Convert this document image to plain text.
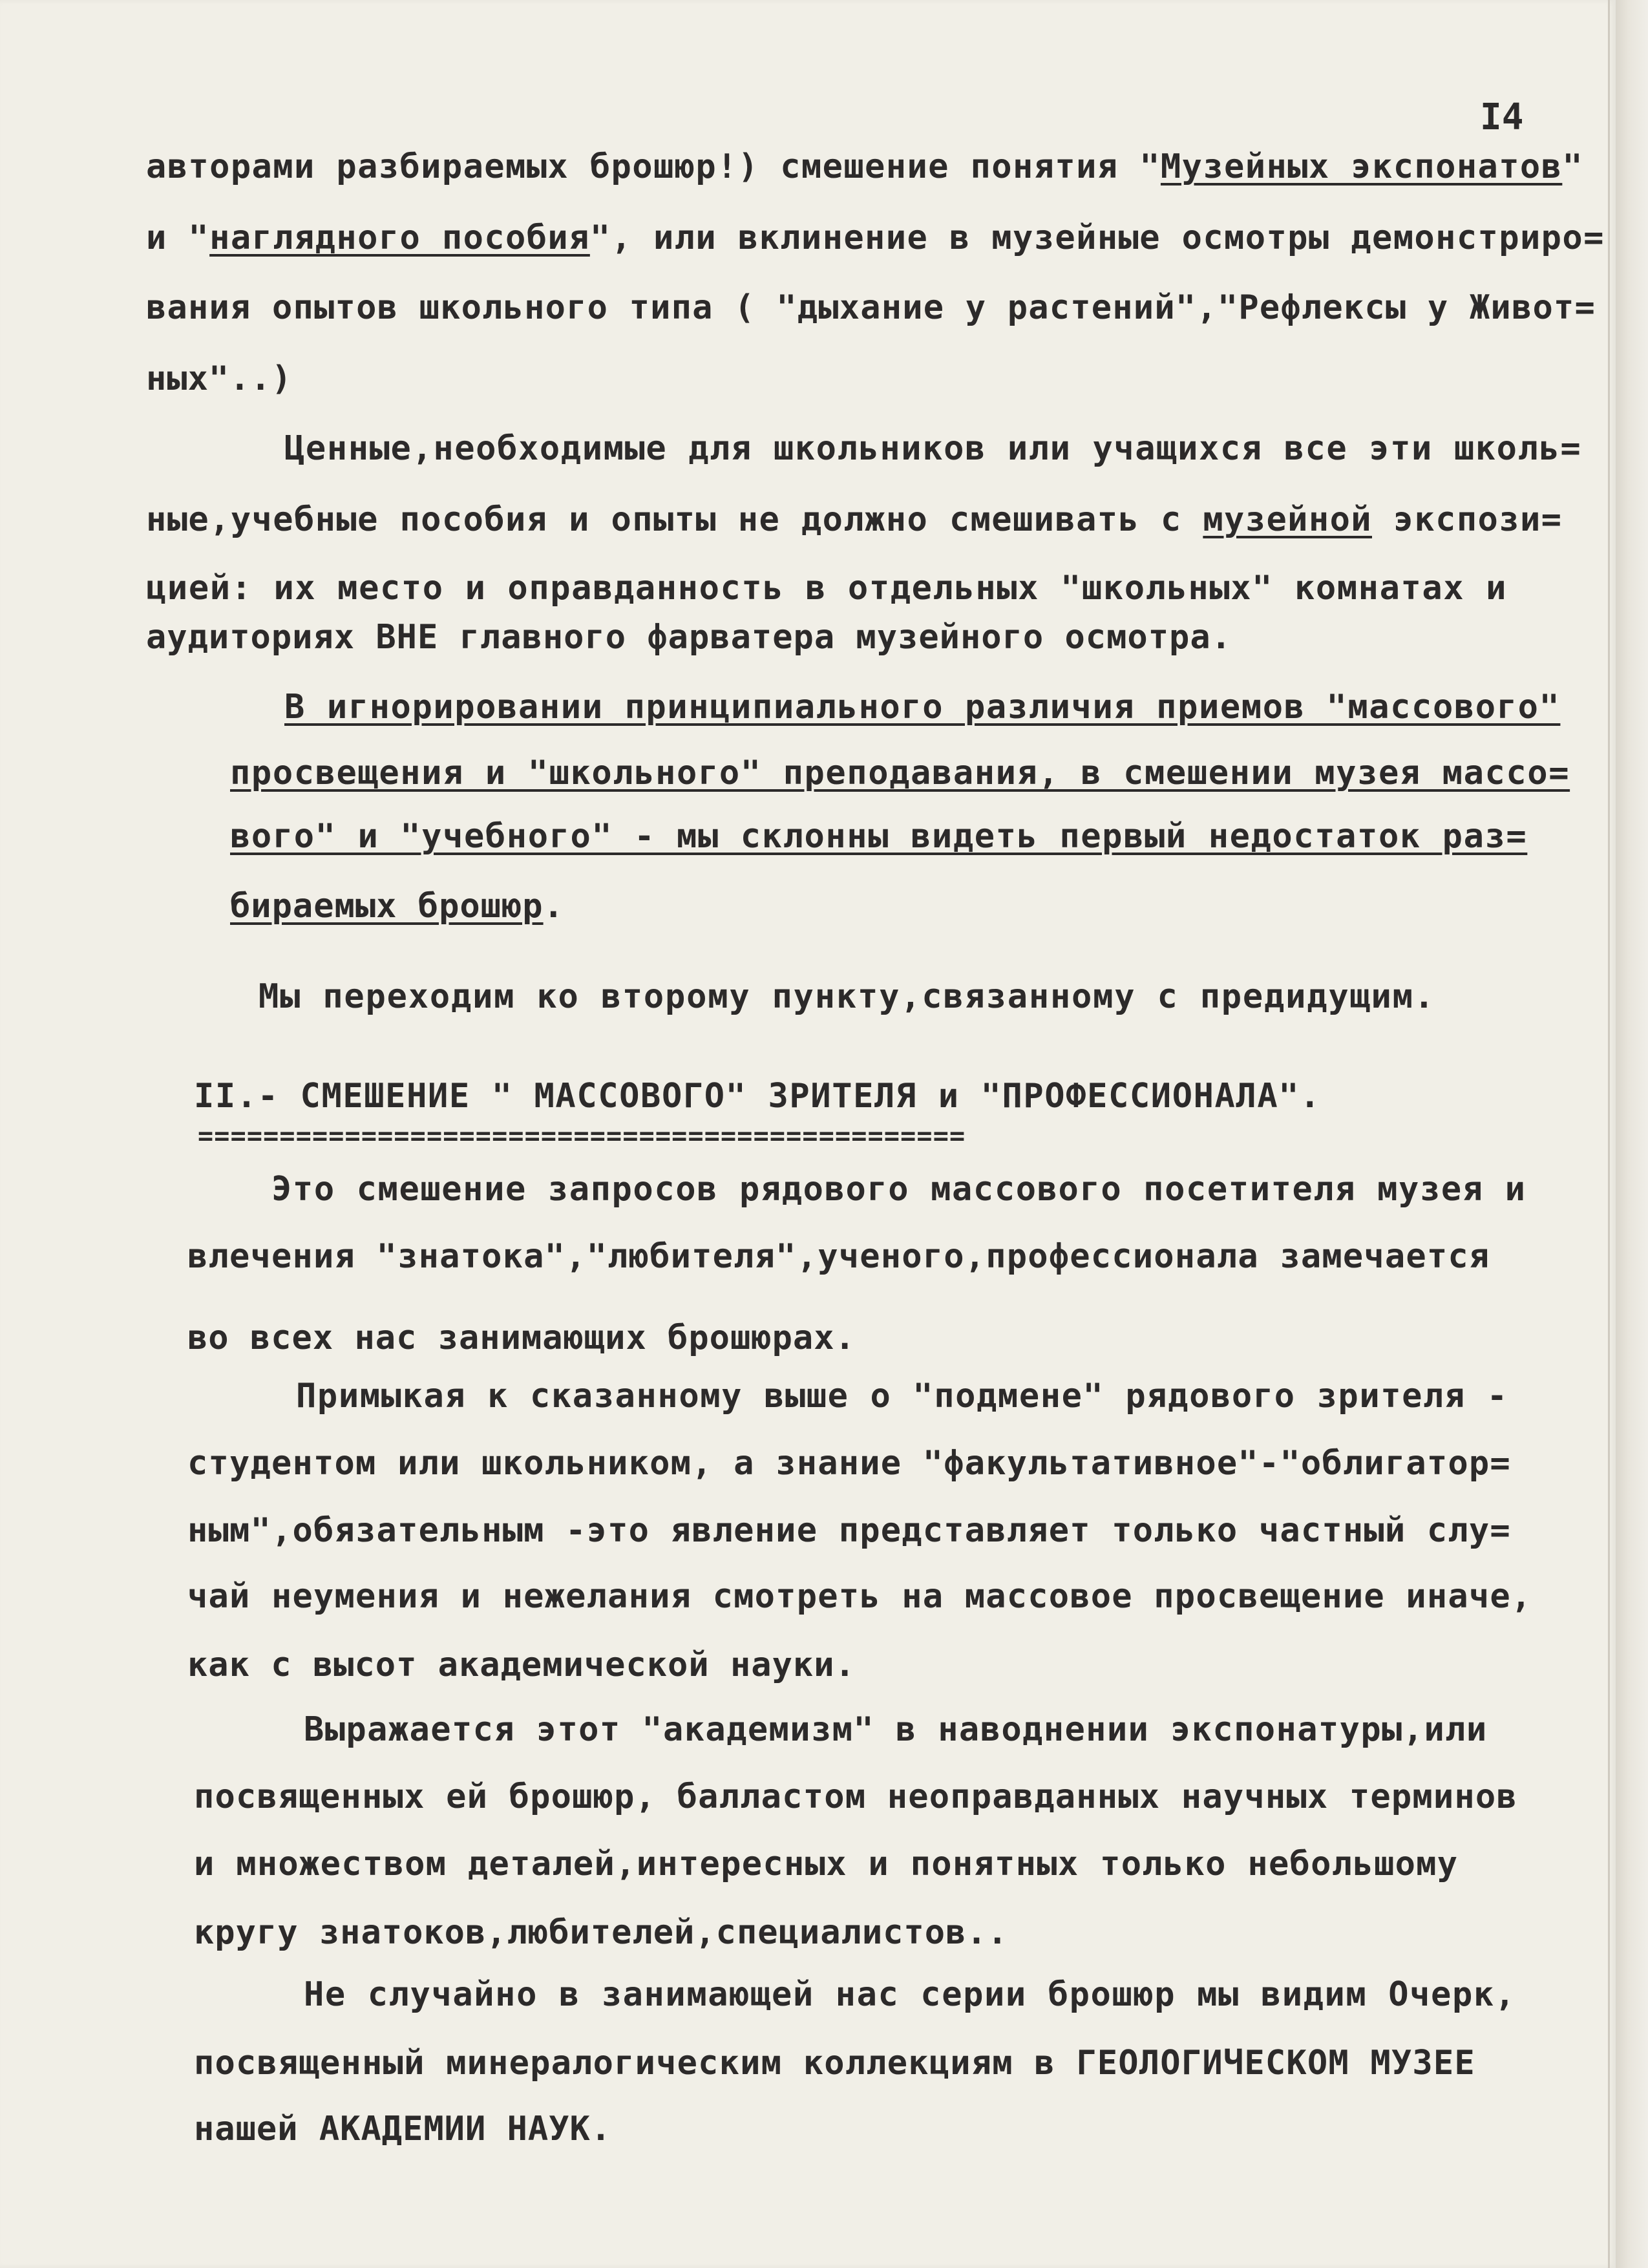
I4
авторами разбираемых брошюр!) смешение понятия "Музейных экспонатов"
и "наглядного пособия", или вклинение в музейные осмотры демонстриро=
вания опытов школьного типа ( "дыхание у растений","Рефлексы у Живот=
ных"..)
Ценные,необходимые для школьников или учащихся все эти школь=
ные,учебные пособия и опыты не должно смешивать с музейной экспози=
цией: их место и оправданность в отдельных "школьных" комнатах и
аудиториях ВНЕ главного фарватера музейного осмотра.
В игнорировании принципиального различия приемов "массового"
просвещения и "школьного" преподавания, в смешении музея массо=
вого" и "учебного" - мы склонны видеть первый недостаток раз=
бираемых брошюр.
Мы переходим ко второму пункту,связанному с предидущим.
II.- СМЕШЕНИЕ " МАССОВОГО" ЗРИТЕЛЯ и "ПРОФЕССИОНАЛА".
===============================================
Это смешение запросов рядового массового посетителя музея и
влечения "знатока","любителя",ученого,профессионала замечается
во всех нас занимающих брошюрах.
Примыкая к сказанному выше о "подмене" рядового зрителя -
студентом или школьником, а знание "факультативное"-"облигатор=
ным",обязательным -это явление представляет только частный слу=
чай неумения и нежелания смотреть на массовое просвещение иначе,
как с высот академической науки.
Выражается этот "академизм" в наводнении экспонатуры,или
посвященных ей брошюр, балластом неоправданных научных терминов
и множеством деталей,интересных и понятных только небольшому
кругу знатоков,любителей,специалистов..
Не случайно в занимающей нас серии брошюр мы видим Очерк,
посвященный минералогическим коллекциям в ГЕОЛОГИЧЕСКОМ МУЗЕЕ
нашей АКАДЕМИИ НАУК.
